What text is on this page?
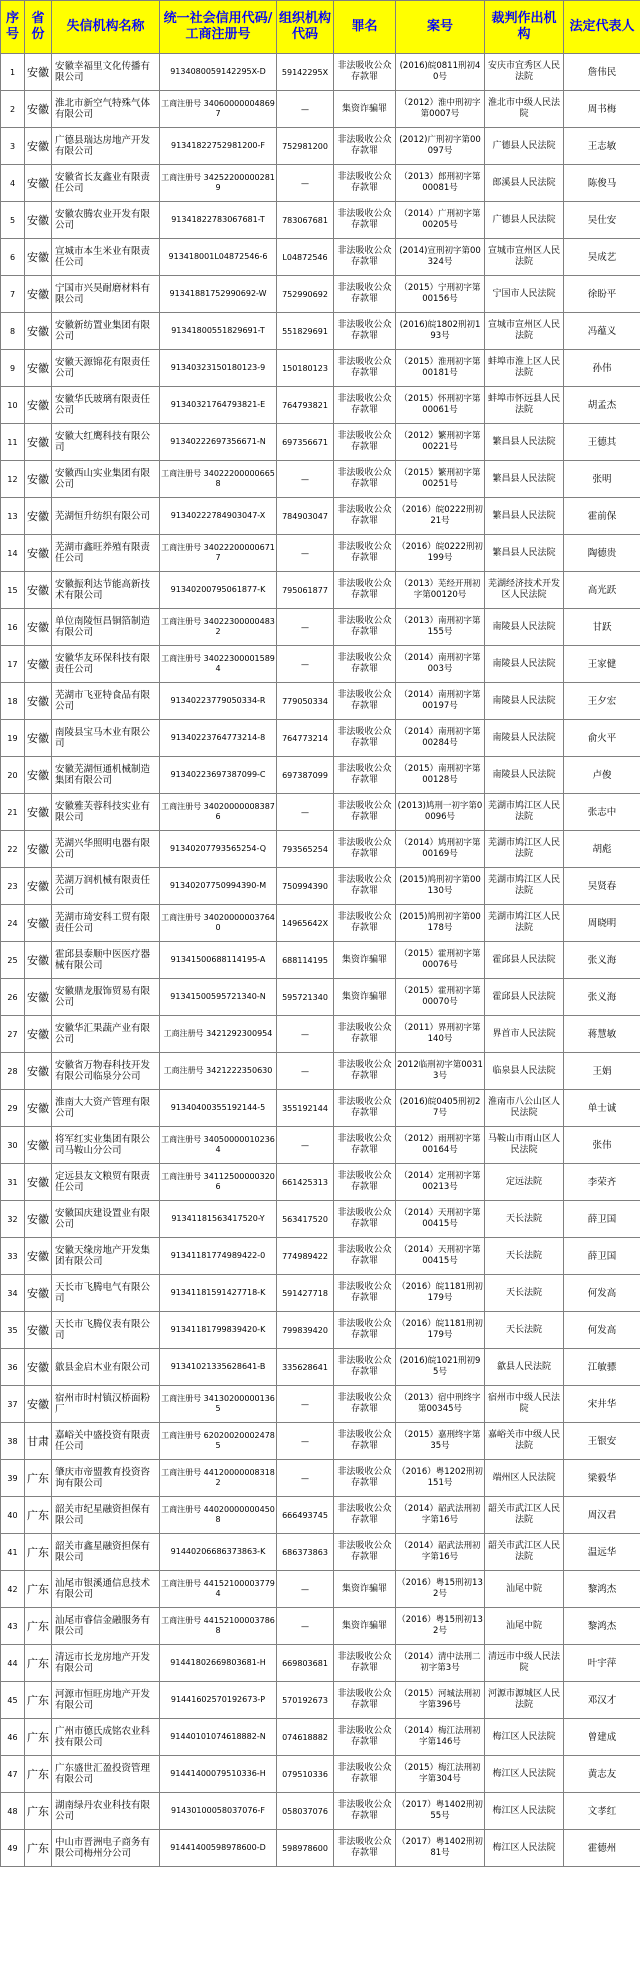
序号	省份	失信机构名称	统一社会信用代码/工商注册号	组织机构代码	罪名	案号	裁判作出机构	法定代表人
1	安徽	安徽幸福里文化传播有限公司	9134080059142295X-D	59142295X	非法吸收公众存款罪	(2016)皖0811刑初40号	安庆市宜秀区人民法院	詹伟民
2	安徽	淮北市新空气特殊气体有限公司	工商注册号 340600000048697	—	集资诈骗罪	（2012）淮中刑初字第0007号	淮北市中级人民法院	周书梅
3	安徽	广德县瑞达房地产开发有限公司	913418227529812​00-F	752981200	非法吸收公众存款罪	(2012)广刑初字第00097号	广德县人民法院	王志敏
4	安徽	安徽省长友鑫业有限责任公司	工商注册号 342522000002819	—	非法吸收公众存款罪	（2013）郎刑初字第00081号	郎溪县人民法院	陈俊马
5	安徽	安徽农腾农业开发有限公司	91341822783067681-T	783067681	非法吸收公众存款罪	（2014）广刑初字第00205号	广德县人民法院	吴仕安
6	安徽	宣城市本生米业有限责任公司	913418001L04872546-6	L04872546	非法吸收公众存款罪	(2014)宣刑初字第00324号	宣城市宣州区人民法院	吴成艺
7	安徽	宁国市兴昊耐磨材料有限公司	91341881752990692-W	752990692	非法吸收公众存款罪	（2015）宁刑初字第00156号	宁国市人民法院	徐盼平
8	安徽	安徽新纺置业集团有限公司	91341800551829691-T	551829691	非法吸收公众存款罪	(2016)皖1802刑初193号	宣城市宣州区人民法院	冯蕴义
9	安徽	安徽天源锦花有限责任公司	91340323150180123-9	150180123	非法吸收公众存款罪	（2015）淮刑初字第00181号	蚌埠市淮上区人民法院	孙伟
10	安徽	安徽华氏玻璃有限责任公司	91340321764793821-E	764793821	非法吸收公众存款罪	（2015）怀刑初字第00061号	蚌埠市怀远县人民法院	胡孟杰
11	安徽	安徽大红鹰科技有限公司	91340222697356671-N	697356671	非法吸收公众存款罪	（2012）繁刑初字第00221号	繁昌县人民法院	王德其
12	安徽	安徽西山实业集团有限公司	工商注册号 340222000006658	—	非法吸收公众存款罪	（2015）繁刑初字第00251号	繁昌县人民法院	张明
13	安徽	芜湖恒升纺织有限公司	91340222784903047-X	784903047	非法吸收公众存款罪	（2016）皖0222刑初21号	繁昌县人民法院	霍前保
14	安徽	芜湖市鑫旺养殖有限责任公司	工商注册号 340222000006717	—	非法吸收公众存款罪	（2016）皖0222刑初199号	繁昌县人民法院	陶德贵
15	安徽	安徽振利达节能高新技术有限公司	91340200795061877-K	795061877	非法吸收公众存款罪	（2013）芜经开刑初字第00120号	芜湖经济技术开发区人民法院	高光跃
16	安徽	单位南陵恒昌铜箔制造有限公司	工商注册号 340223000004832	—	非法吸收公众存款罪	（2013）南刑初字第155号	南陵县人民法院	甘跃
17	安徽	安徽华友环保科技有限责任公司	工商注册号 340223000015894	—	非法吸收公众存款罪	（2014）南刑初字第003号	南陵县人民法院	王家健
18	安徽	芜湖市飞亚特食品有限公司	91340223779050334-R	779050334	非法吸收公众存款罪	（2014）南刑初字第00197号	南陵县人民法院	王夕宏
19	安徽	南陵县宝马木业有限公司	91340223764773214-8	764773214	非法吸收公众存款罪	（2014）南刑初字第00284号	南陵县人民法院	俞火平
20	安徽	安徽芜湖恒通机械制造集团有限公司	91340223697387099-C	697387099	非法吸收公众存款罪	（2015）南刑初字第00128号	南陵县人民法院	卢俊
21	安徽	安徽雅芙蓉科技实业有限公司	工商注册号 340200000083876	—	非法吸收公众存款罪	(2013)鸠刑一初字第00096号	芜湖市鸠江区人民法院	张志中
22	安徽	芜湖兴华照明电器有限公司	91340207793565254-Q	793565254	非法吸收公众存款罪	（2014）鸠刑初字第00169号	芜湖市鸠江区人民法院	胡彪
23	安徽	芜湖万润机械有限责任公司	91340207750994390-M	750994390	非法吸收公众存款罪	(2015)鸠刑初字第00130号	芜湖市鸠江区人民法院	吴贤春
24	安徽	芜湖市琦安科工贸有限责任公司	工商注册号 340200000037640	14965642X	非法吸收公众存款罪	(2015)鸠刑初字第00178号	芜湖市鸠江区人民法院	周晓明
25	安徽	霍邱县泰顺中医医疗器械有限公司	91341500688114195-A	688114195	集资诈骗罪	（2015）霍刑初字第00076号	霍邱县人民法院	张义海
26	安徽	安徽鼎龙服饰贸易有限公司	91341500595721340-N	595721340	集资诈骗罪	（2015）霍刑初字第00070号	霍邱县人民法院	张义海
27	安徽	安徽华汇果蔬产业有限公司	工商注册号 3421292300954	—	非法吸收公众存款罪	（2011）界刑初字第140号	界首市人民法院	蒋慧敏
28	安徽	安徽省万物春科技开发有限公司临泉分公司	工商注册号 342122235063​0	—	非法吸收公众存款罪	2012临刑初字第00313号	临泉县人民法院	王娟
29	安徽	淮南大大资产管理有限公司	91340400355192144-5	355192144	非法吸收公众存款罪	(2016)皖0405刑初27号	淮南市八公山区人民法院	单士诚
30	安徽	将军红实业集团有限公司马鞍山分公司	工商注册号 340500000102364	—	非法吸收公众存款罪	（2012）雨刑初字第00164号	马鞍山市雨山区人民法院	张伟
31	安徽	定远县友文粮贸有限责任公司	工商注册号 341125000003206	661425313	非法吸收公众存款罪	（2014）定刑初字第00213号	定远法院	李荣齐
32	安徽	安徽国庆建设置业有限公司	91341181563417520-Y	563417520	非法吸收公众存款罪	（2014）天刑初字第00415号	天长法院	薛卫国
33	安徽	安徽天缘房地产开发集团有限公司	91341181774989422-0	774989422	非法吸收公众存款罪	（2014）天刑初字第00415号	天长法院	薛卫国
34	安徽	天长市飞腾电气有限公司	91341181591427718-K	591427718	非法吸收公众存款罪	（2016）皖1181刑初179号	天长法院	何发高
35	安徽	天长市飞腾仪表有限公司	91341181799839420-K	799839420	非法吸收公众存款罪	（2016）皖1181刑初179号	天长法院	何发高
36	安徽	歙县金启木业有限公司	91341021335628641-B	335628641	非法吸收公众存款罪	(2016)皖1021刑初95号	歙县人民法院	江敏骠
37	安徽	宿州市时村镇汉桥面粉厂	工商注册号 341302000001365	—	非法吸收公众存款罪	（2013）宿中刑终字第00345号	宿州市中级人民法院	宋井华
38	甘肃	嘉峪关中盛投资有限责任公司	工商注册号 620200200024785	—	非法吸收公众存款罪	（2015）嘉刑终字第35号	嘉峪关市中级人民法院	王银安
39	广东	肇庆市帝盟教育投资咨询有限公司	工商注册号 441200000083182	—	非法吸收公众存款罪	（2016）粤1202刑初151号	端州区人民法院	梁毅华
40	广东	韶关市纪星融资担保有限公司	工商注册号 440200000004508	666493745	非法吸收公众存款罪	（2014）韶武法刑初字第16号	韶关市武江区人民法院	周汉君
41	广东	韶关市鑫星融资担保有限公司	91440206686373863-K	686373863	非法吸收公众存款罪	（2014）韶武法刑初字第16号	韶关市武江区人民法院	温远华
42	广东	汕尾市银溪通信息技术有限公司	工商注册号 441521000037794	—	集资诈骗罪	（2016）粤15刑初132号	汕尾中院	黎鸿杰
43	广东	汕尾市睿信金融服务有限公司	工商注册号 441521000037868	—	集资诈骗罪	（2016）粤15刑初132号	汕尾中院	黎鸿杰
44	广东	清远市长龙房地产开发有限公司	91441802669803681-H	669803681	非法吸收公众存款罪	（2014）清中法刑二初字第3号	清远市中级人民法院	叶宇萍
45	广东	河源市恒旺房地产开发有限公司	91441602570192673-P	570192673	非法吸收公众存款罪	（2015）河城法刑初字第396号	河源市源城区人民法院	邓汉才
46	广东	广州市德氏成铭农业科技有限公司	91440101074618882-N	074618882	非法吸收公众存款罪	（2014）梅江法刑初字第146号	梅江区人民法院	曾建成
47	广东	广东盛世汇盈投资管理有限公司	91441400079510336-H	079510336	非法吸收公众存款罪	（2015）梅江法刑初字第304号	梅江区人民法院	黄志友
48	广东	湖南绿丹农业科技有限公司	91430100058037076-F	058037076	非法吸收公众存款罪	（2017）粤1402刑初55号	梅江区人民法院	文孝红
49	广东	中山市晋洲电子商务有限公司梅州分公司	91441400598978600-D	598978600	非法吸收公众存款罪	（2017）粤1402刑初81号	梅江区人民法院	霍德州
